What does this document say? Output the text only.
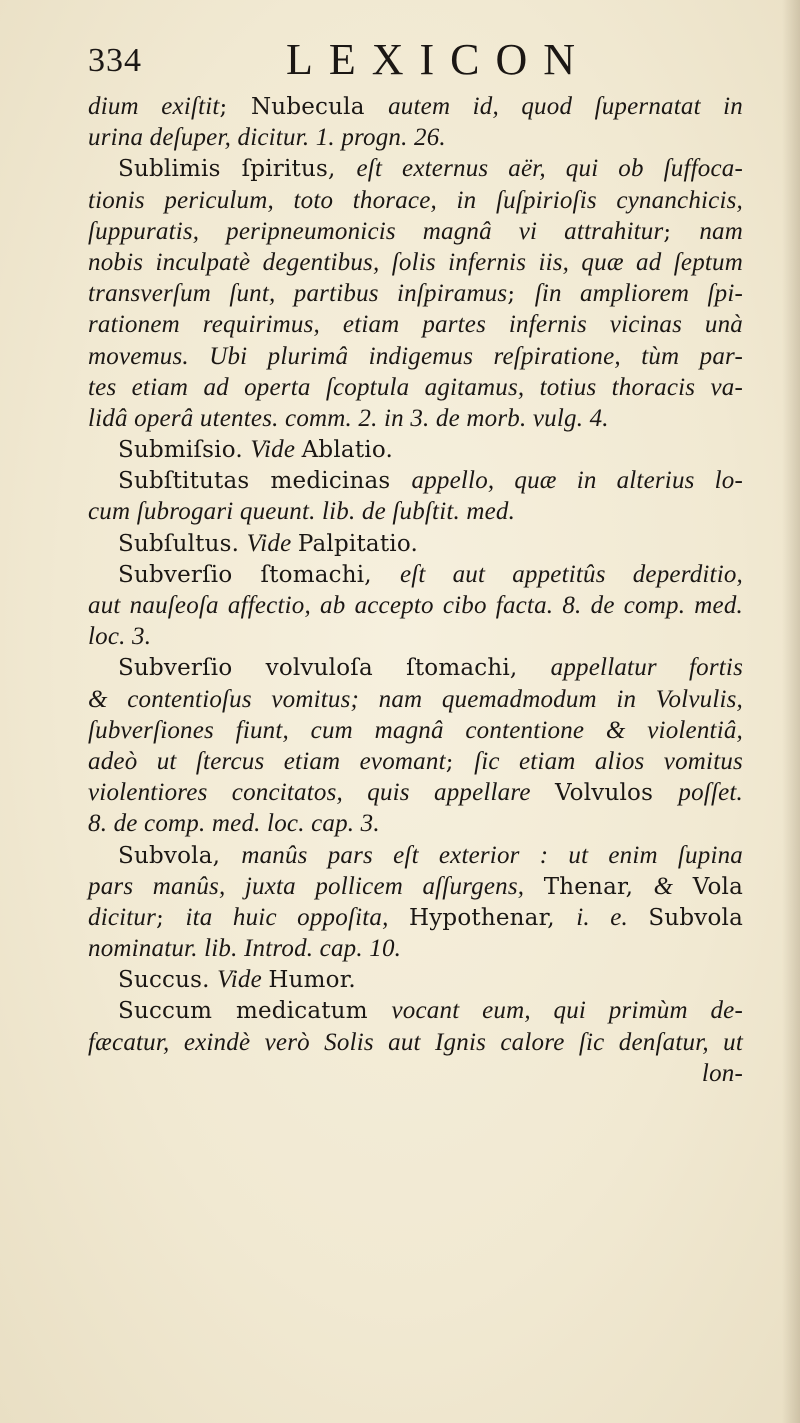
334	LEXICON
dium exiſtit; Nubecula autem id, quod ſupernatat in
urina deſuper, dicitur. 1. progn. 26.
Sublimis ſpiritus, eſt externus aër, qui ob ſuffoca-
tionis periculum, toto thorace, in ſuſpirioſis cynanchicis,
ſuppuratis, peripneumonicis magnâ vi attrahitur; nam
nobis inculpatè degentibus, ſolis infernis iis, quæ ad ſeptum
transverſum ſunt, partibus inſpiramus; ſin ampliorem ſpi-
rationem requirimus, etiam partes infernis vicinas unà
movemus. Ubi plurimâ indigemus reſpiratione, tùm par-
tes etiam ad operta ſcoptula agitamus, totius thoracis va-
lidâ operâ utentes. comm. 2. in 3. de morb. vulg. 4.
Submiſsio. Vide Ablatio.
Subſtitutas medicinas appello, quæ in alterius lo-
cum ſubrogari queunt. lib. de ſubſtit. med.
Subſultus. Vide Palpitatio.
Subverſio ſtomachi, eſt aut appetitûs deperditio,
aut nauſeoſa affectio, ab accepto cibo facta. 8. de comp. med.
loc. 3.
Subverſio volvuloſa ſtomachi, appellatur fortis
& contentioſus vomitus; nam quemadmodum in Volvulis,
ſubverſiones fiunt, cum magnâ contentione & violentiâ,
adeò ut ſtercus etiam evomant; ſic etiam alios vomitus
violentiores concitatos, quis appellare Volvulos poſſet.
8. de comp. med. loc. cap. 3.
Subvola, manûs pars eſt exterior : ut enim ſupina
pars manûs, juxta pollicem aſſurgens, Thenar, & Vola
dicitur; ita huic oppoſita, Hypothenar, i. e. Subvola
nominatur. lib. Introd. cap. 10.
Succus. Vide Humor.
Succum medicatum vocant eum, qui primùm de-
fæcatur, exindè verò Solis aut Ignis calore ſic denſatur, ut
lon-
